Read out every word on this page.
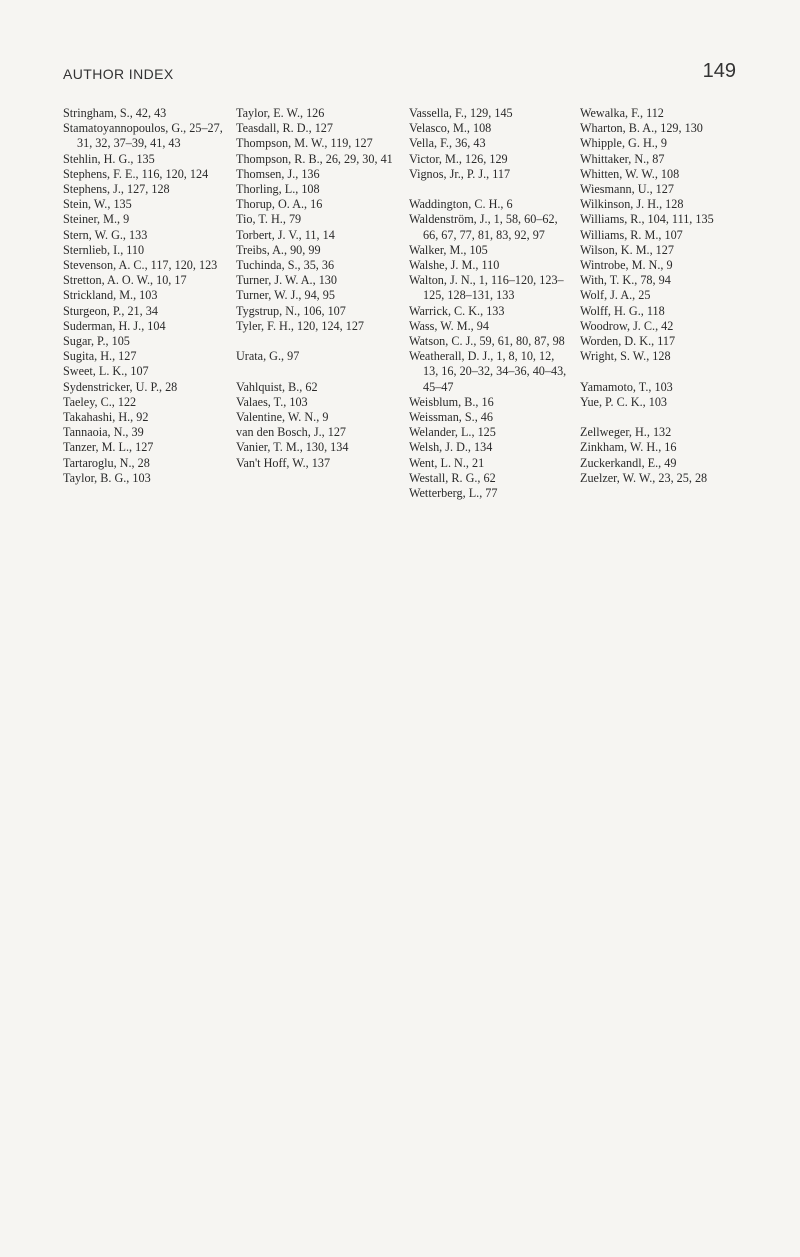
AUTHOR INDEX	149
Stringham, S., 42, 43
Stamatoyannopoulos, G., 25–27, 31, 32, 37–39, 41, 43
Stehlin, H. G., 135
Stephens, F. E., 116, 120, 124
Stephens, J., 127, 128
Stein, W., 135
Steiner, M., 9
Stern, W. G., 133
Sternlieb, I., 110
Stevenson, A. C., 117, 120, 123
Stretton, A. O. W., 10, 17
Strickland, M., 103
Sturgeon, P., 21, 34
Suderman, H. J., 104
Sugar, P., 105
Sugita, H., 127
Sweet, L. K., 107
Sydenstricker, U. P., 28
Taeley, C., 122
Takahashi, H., 92
Tannaoia, N., 39
Tanzer, M. L., 127
Tartaroglu, N., 28
Taylor, B. G., 103
Taylor, E. W., 126
Teasdall, R. D., 127
Thompson, M. W., 119, 127
Thompson, R. B., 26, 29, 30, 41
Thomsen, J., 136
Thorling, L., 108
Thorup, O. A., 16
Tio, T. H., 79
Torbert, J. V., 11, 14
Treibs, A., 90, 99
Tuchinda, S., 35, 36
Turner, J. W. A., 130
Turner, W. J., 94, 95
Tygstrup, N., 106, 107
Tyler, F. H., 120, 124, 127
Urata, G., 97
Vahlquist, B., 62
Valaes, T., 103
Valentine, W. N., 9
van den Bosch, J., 127
Vanier, T. M., 130, 134
Van't Hoff, W., 137
Vassella, F., 129, 145
Velasco, M., 108
Vella, F., 36, 43
Victor, M., 126, 129
Vignos, Jr., P. J., 117
Waddington, C. H., 6
Waldenström, J., 1, 58, 60–62, 66, 67, 77, 81, 83, 92, 97
Walker, M., 105
Walshe, J. M., 110
Walton, J. N., 1, 116–120, 123–125, 128–131, 133
Warrick, C. K., 133
Wass, W. M., 94
Watson, C. J., 59, 61, 80, 87, 98
Weatherall, D. J., 1, 8, 10, 12, 13, 16, 20–32, 34–36, 40–43, 45–47
Weisblum, B., 16
Weissman, S., 46
Welander, L., 125
Welsh, J. D., 134
Went, L. N., 21
Westall, R. G., 62
Wetterberg, L., 77
Wewalka, F., 112
Wharton, B. A., 129, 130
Whipple, G. H., 9
Whittaker, N., 87
Whitten, W. W., 108
Wiesmann, U., 127
Wilkinson, J. H., 128
Williams, R., 104, 111, 135
Williams, R. M., 107
Wilson, K. M., 127
Wintrobe, M. N., 9
With, T. K., 78, 94
Wolf, J. A., 25
Wolff, H. G., 118
Woodrow, J. C., 42
Worden, D. K., 117
Wright, S. W., 128
Yamamoto, T., 103
Yue, P. C. K., 103
Zellweger, H., 132
Zinkham, W. H., 16
Zuckerkandl, E., 49
Zuelzer, W. W., 23, 25, 28
